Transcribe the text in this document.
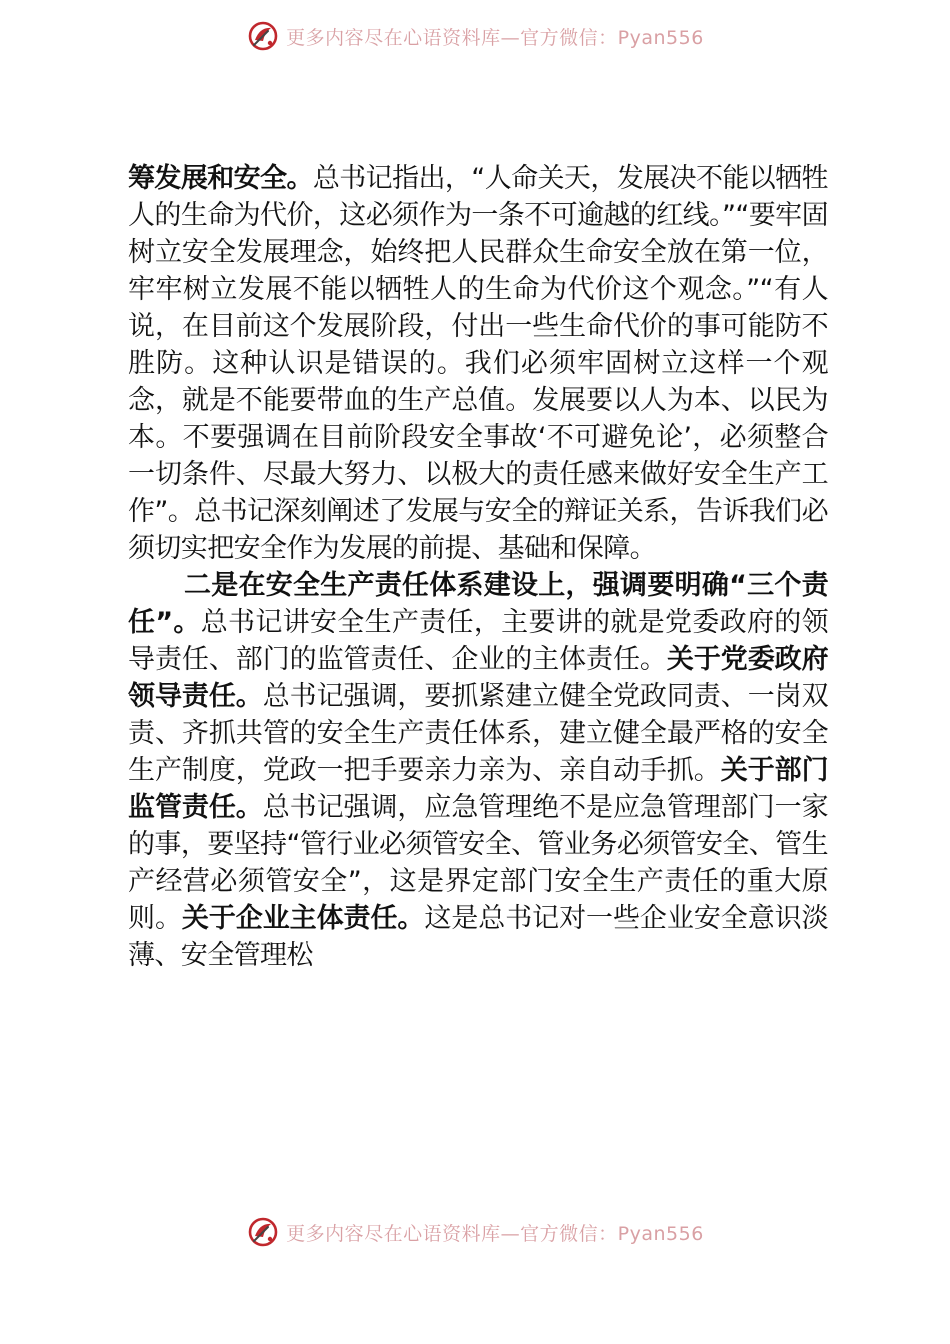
更多内容尽在心语资料库—官方微信：Pyan556

筹发展和安全。总书记指出，“人命关天，发展决不能以牺牲人的生命为代价，这必须作为一条不可逾越的红线。”“要牢固树立安全发展理念，始终把人民群众生命安全放在第一位，牢牢树立发展不能以牺牲人的生命为代价这个观念。”“有人说，在目前这个发展阶段，付出一些生命代价的事可能防不胜防。这种认识是错误的。我们必须牢固树立这样一个观念，就是不能要带血的生产总值。发展要以人为本、以民为本。不要强调在目前阶段安全事故‘不可避免论’，必须整合一切条件、尽最大努力、以极大的责任感来做好安全生产工作”。总书记深刻阐述了发展与安全的辩证关系，告诉我们必须切实把安全作为发展的前提、基础和保障。

二是在安全生产责任体系建设上，强调要明确“三个责任”。总书记讲安全生产责任，主要讲的就是党委政府的领导责任、部门的监管责任、企业的主体责任。关于党委政府领导责任。总书记强调，要抓紧建立健全党政同责、一岗双责、齐抓共管的安全生产责任体系，建立健全最严格的安全生产制度，党政一把手要亲力亲为、亲自动手抓。关于部门监管责任。总书记强调，应急管理绝不是应急管理部门一家的事，要坚持“管行业必须管安全、管业务必须管安全、管生产经营必须管安全”，这是界定部门安全生产责任的重大原则。关于企业主体责任。这是总书记对一些企业安全意识淡薄、安全管理松

更多内容尽在心语资料库—官方微信：Pyan556
